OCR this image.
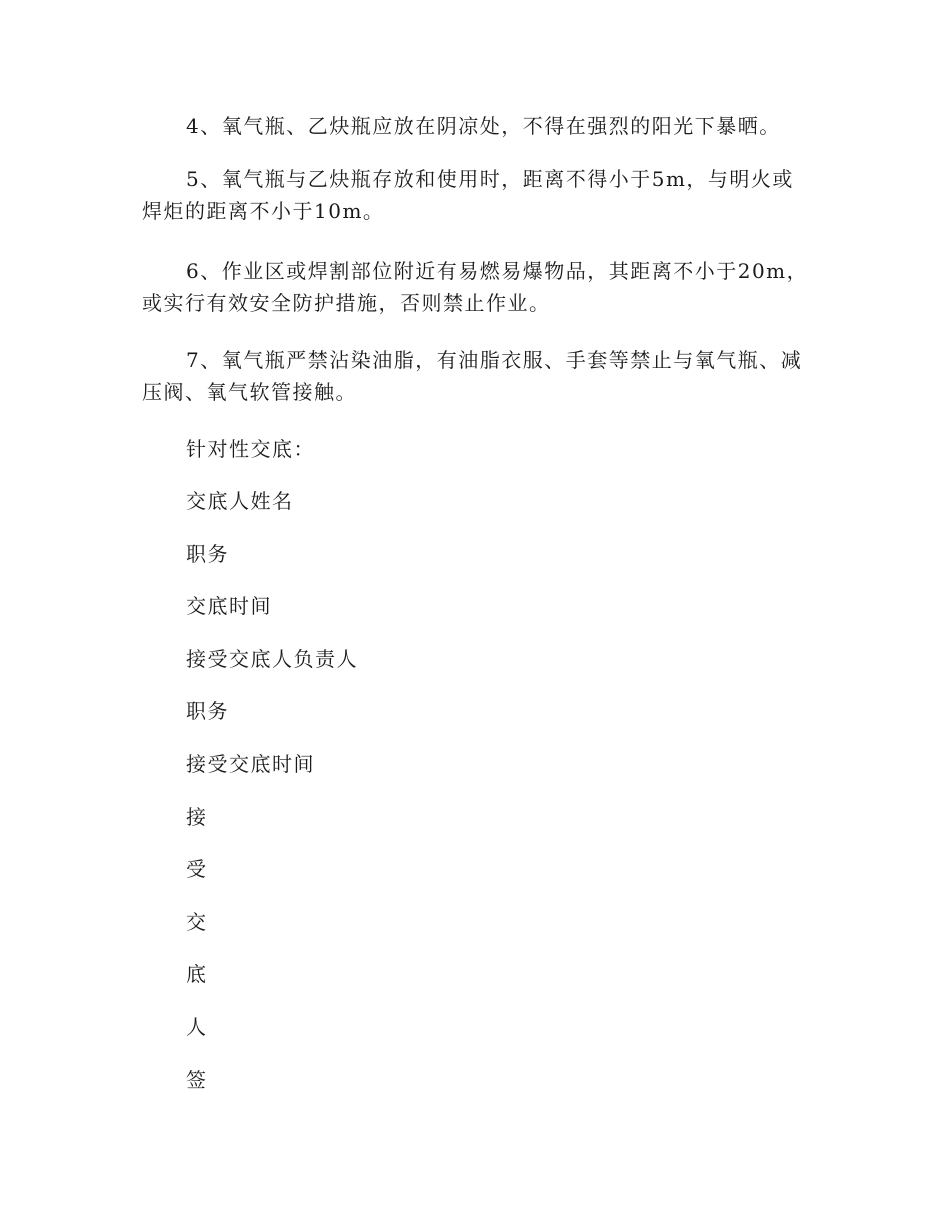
4、氧气瓶、乙炔瓶应放在阴凉处，不得在强烈的阳光下暴晒。

5、氧气瓶与乙炔瓶存放和使用时，距离不得小于5m，与明火或焊炬的距离不小于10m。

6、作业区或焊割部位附近有易燃易爆物品，其距离不小于20m，或实行有效安全防护措施，否则禁止作业。

7、氧气瓶严禁沾染油脂，有油脂衣服、手套等禁止与氧气瓶、减压阀、氧气软管接触。

针对性交底：

交底人姓名

职务

交底时间

接受交底人负责人

职务

接受交底时间

接

受

交

底

人

签
